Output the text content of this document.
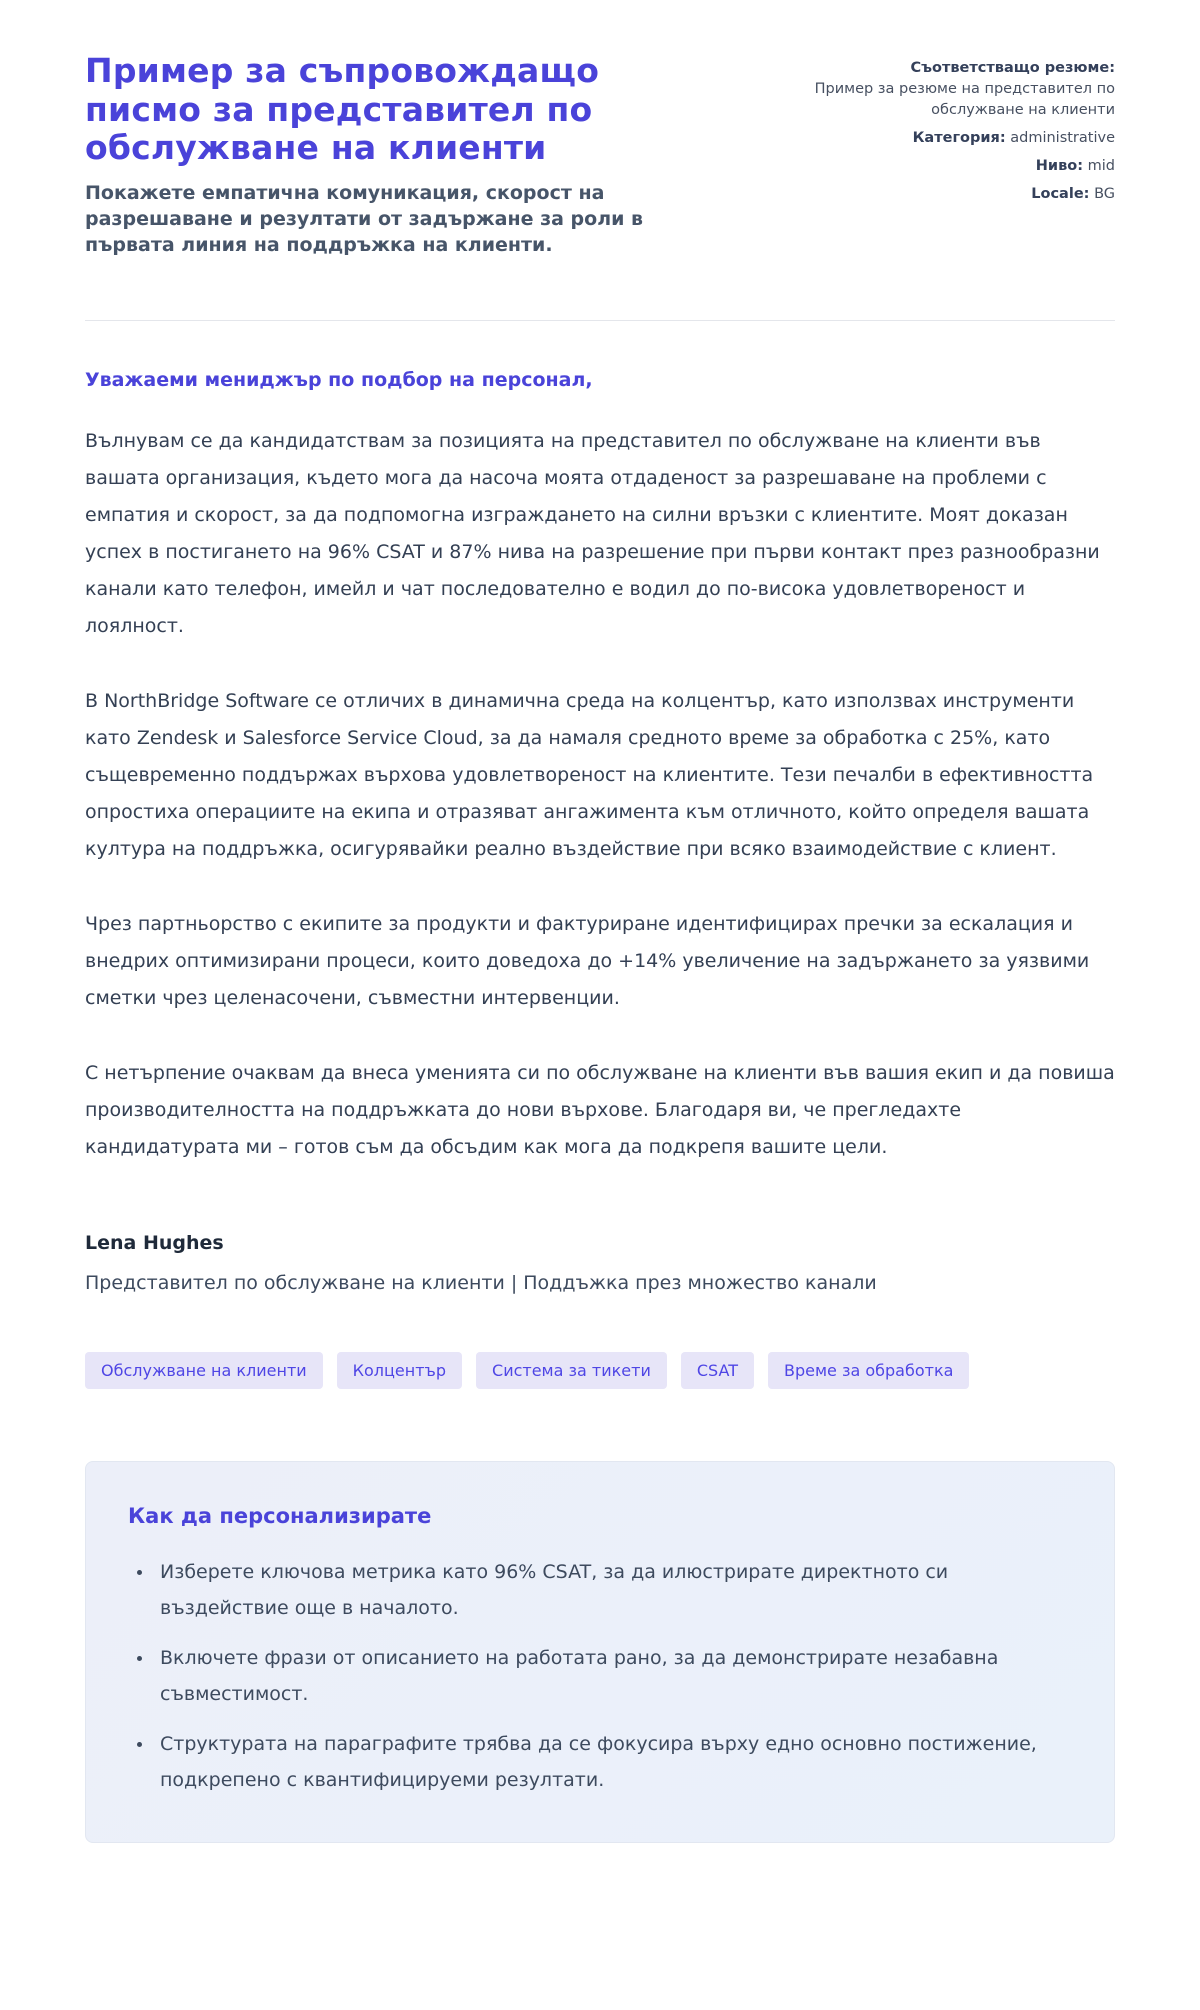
Пример за съпровождащо писмо за представител по обслужване на клиенти
Покажете емпатична комуникация, скорост на разрешаване и резултати от задържане за роли в първата линия на поддръжка на клиенти.
Съответстващо резюме:
Пример за резюме на представител по обслужване на клиенти
Категория: administrative
Ниво: mid
Locale: BG
Уважаеми мениджър по подбор на персонал,

Вълнувам се да кандидатствам за позицията на представител по обслужване на клиенти във вашата организация, където мога да насоча моята отдаденост за разрешаване на проблеми с емпатия и скорост, за да подпомогна изграждането на силни връзки с клиентите. Моят доказан успех в постигането на 96% CSAT и 87% нива на разрешение при първи контакт през разнообразни канали като телефон, имейл и чат последователно е водил до по-висока удовлетвореност и лоялност.

В NorthBridge Software се отличих в динамична среда на колцентър, като използвах инструменти като Zendesk и Salesforce Service Cloud, за да намаля средното време за обработка с 25%, като същевременно поддържах върхова удовлетвореност на клиентите. Тези печалби в ефективността опростиха операциите на екипа и отразяват ангажимента към отличното, който определя вашата култура на поддръжка, осигурявайки реално въздействие при всяко взаимодействие с клиент.

Чрез партньорство с екипите за продукти и фактуриране идентифицирах пречки за ескалация и внедрих оптимизирани процеси, които доведоха до +14% увеличение на задържането за уязвими сметки чрез целенасочени, съвместни интервенции.

С нетърпение очаквам да внеса уменията си по обслужване на клиенти във вашия екип и да повиша производителността на поддръжката до нови върхове. Благодаря ви, че прегледахте кандидатурата ми – готов съм да обсъдим как мога да подкрепя вашите цели.

Lena Hughes
Представител по обслужване на клиенти | Поддъжка през множество канали
Обслужване на клиенти	Колцентър	Система за тикети	CSAT	Време за обработка
Как да персонализирате
• Изберете ключова метрика като 96% CSAT, за да илюстрирате директното си въздействие още в началото.
• Включете фрази от описанието на работата рано, за да демонстрирате незабавна съвместимост.
• Структурата на параграфите трябва да се фокусира върху едно основно постижение, подкрепено с квантифицируеми резултати.
